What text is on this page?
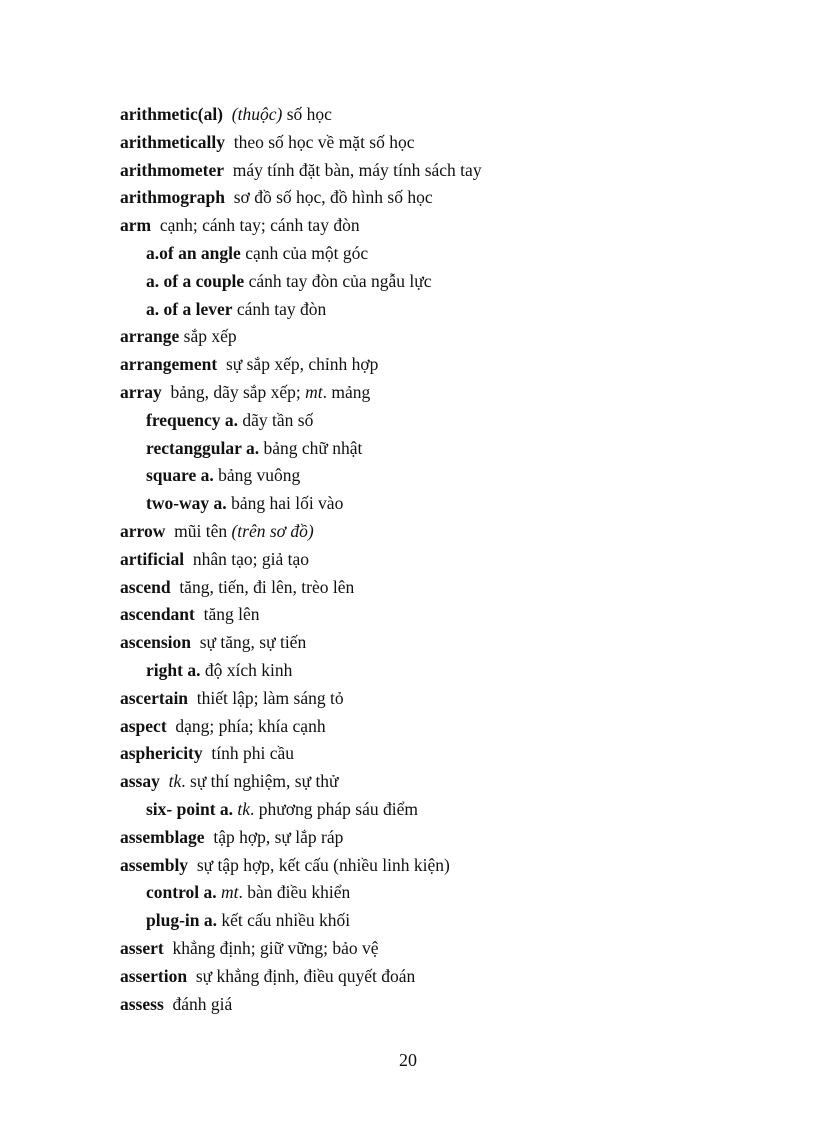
arithmetic(al) (thuộc) số học
arithmetically theo số học về mặt số học
arithmometer máy tính đặt bàn, máy tính sách tay
arithmograph sơ đồ số học, đồ hình số học
arm cạnh; cánh tay; cánh tay đòn
a.of an angle cạnh của một góc
a. of a couple cánh tay đòn của ngẫu lực
a. of a lever cánh tay đòn
arrange sắp xếp
arrangement sự sắp xếp, chỉnh hợp
array bảng, dãy sắp xếp; mt. mảng
frequency a. dãy tần số
rectanggular a. bảng chữ nhật
square a. bảng vuông
two-way a. bảng hai lối vào
arrow mũi tên (trên sơ đồ)
artificial nhân tạo; giả tạo
ascend tăng, tiến, đi lên, trèo lên
ascendant tăng lên
ascension sự tăng, sự tiến
right a. độ xích kinh
ascertain thiết lập; làm sáng tỏ
aspect dạng; phía; khía cạnh
asphericity tính phi cầu
assay tk. sự thí nghiệm, sự thử
six- point a. tk. phương pháp sáu điểm
assemblage tập hợp, sự lắp ráp
assembly sự tập hợp, kết cấu (nhiều linh kiện)
control a. mt. bàn điều khiển
plug-in a. kết cấu nhiều khối
assert khẳng định; giữ vững; bảo vệ
assertion sự khẳng định, điều quyết đoán
assess đánh giá
20
